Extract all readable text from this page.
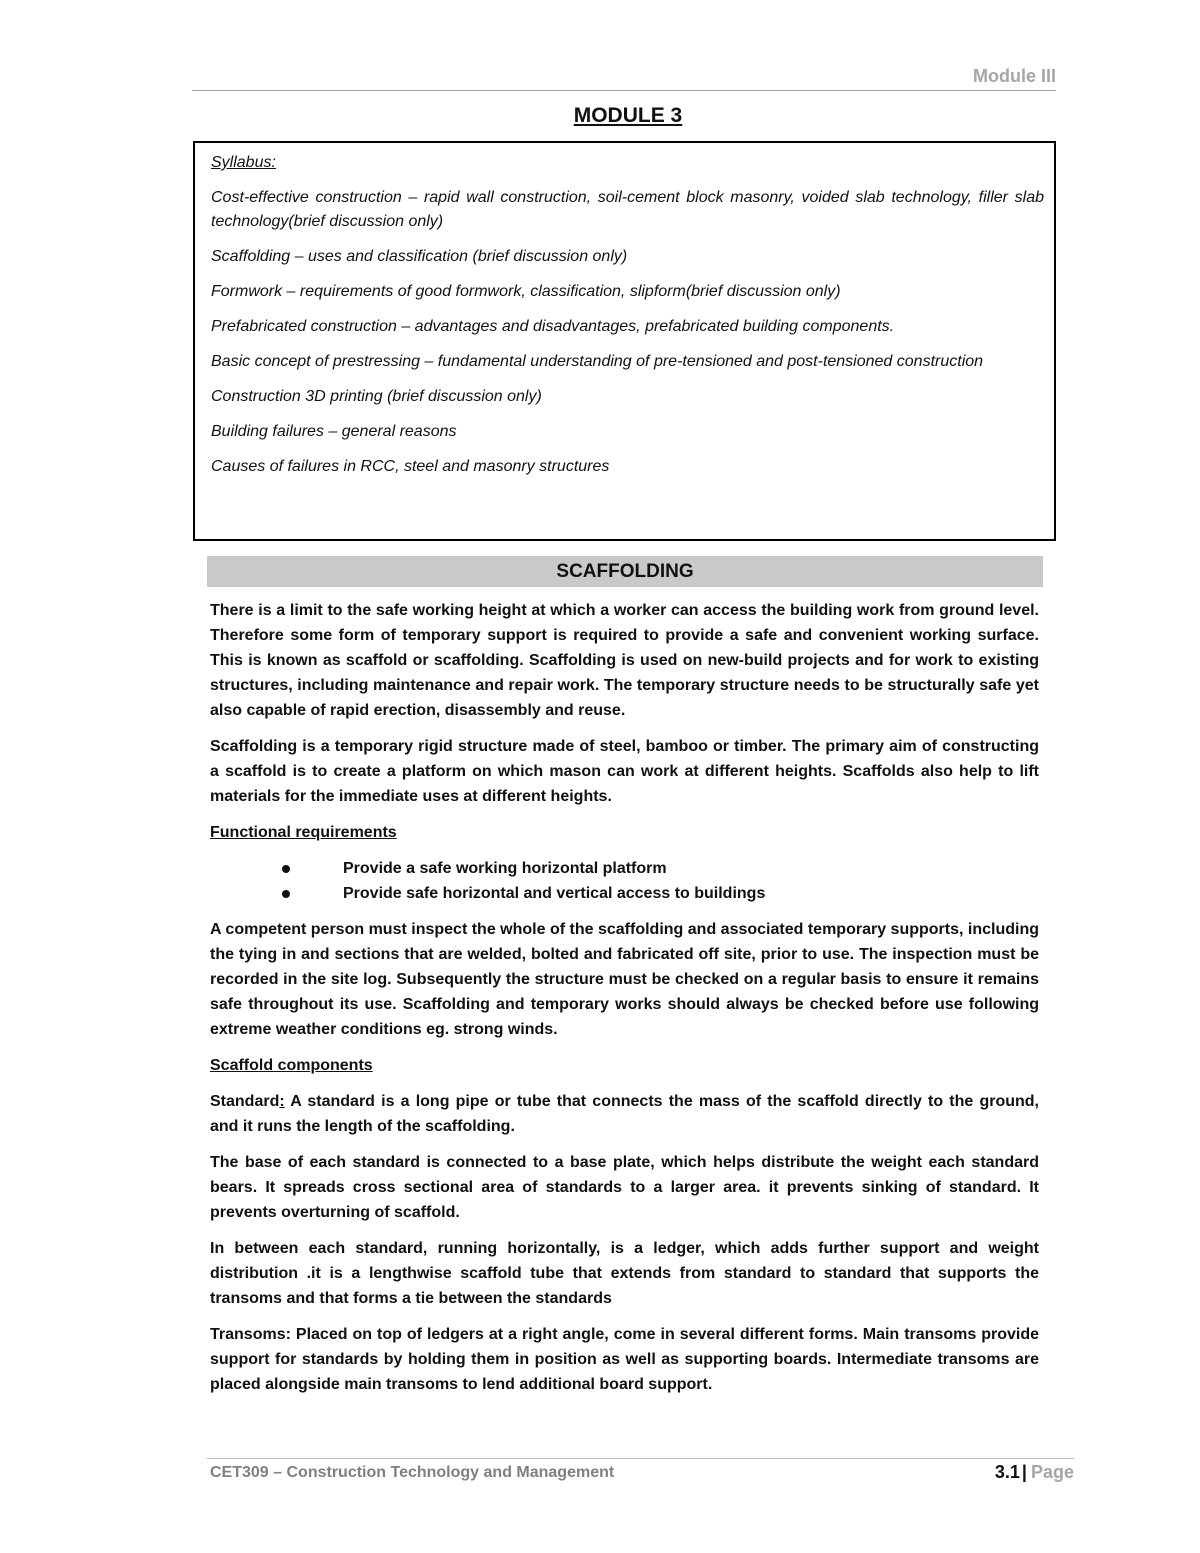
Module III
MODULE 3
Syllabus:
Cost-effective construction – rapid wall construction, soil-cement block masonry, voided slab technology, filler slab technology(brief discussion only)
Scaffolding – uses and classification (brief discussion only)
Formwork – requirements of good formwork, classification, slipform(brief discussion only)
Prefabricated construction – advantages and disadvantages, prefabricated building components.
Basic concept of prestressing – fundamental understanding of pre-tensioned and post-tensioned construction
Construction 3D printing (brief discussion only)
Building failures – general reasons
Causes of failures in RCC, steel and masonry structures
SCAFFOLDING

There is a limit to the safe working height at which a worker can access the building work from ground level. Therefore some form of temporary support is required to provide a safe and convenient working surface. This is known as scaffold or scaffolding. Scaffolding is used on new-build projects and for work to existing structures, including maintenance and repair work. The temporary structure needs to be structurally safe yet also capable of rapid erection, disassembly and reuse.

Scaffolding is a temporary rigid structure made of steel, bamboo or timber. The primary aim of constructing a scaffold is to create a platform on which mason can work at different heights. Scaffolds also help to lift materials for the immediate uses at different heights.

Functional requirements
Provide a safe working horizontal platform
Provide safe horizontal and vertical access to buildings

A competent person must inspect the whole of the scaffolding and associated temporary supports, including the tying in and sections that are welded, bolted and fabricated off site, prior to use. The inspection must be recorded in the site log. Subsequently the structure must be checked on a regular basis to ensure it remains safe throughout its use. Scaffolding and temporary works should always be checked before use following extreme weather conditions eg. strong winds.

Scaffold components

Standard: A standard is a long pipe or tube that connects the mass of the scaffold directly to the ground, and it runs the length of the scaffolding.

The base of each standard is connected to a base plate, which helps distribute the weight each standard bears. It spreads cross sectional area of standards to a larger area. it prevents sinking of standard. It prevents overturning of scaffold.

In between each standard, running horizontally, is a ledger, which adds further support and weight distribution .it is a lengthwise scaffold tube that extends from standard to standard that supports the transoms and that forms a tie between the standards

Transoms: Placed on top of ledgers at a right angle, come in several different forms. Main transoms provide support for standards by holding them in position as well as supporting boards. Intermediate transoms are placed alongside main transoms to lend additional board support.

CET309 – Construction Technology and Management	3.1 | Page
